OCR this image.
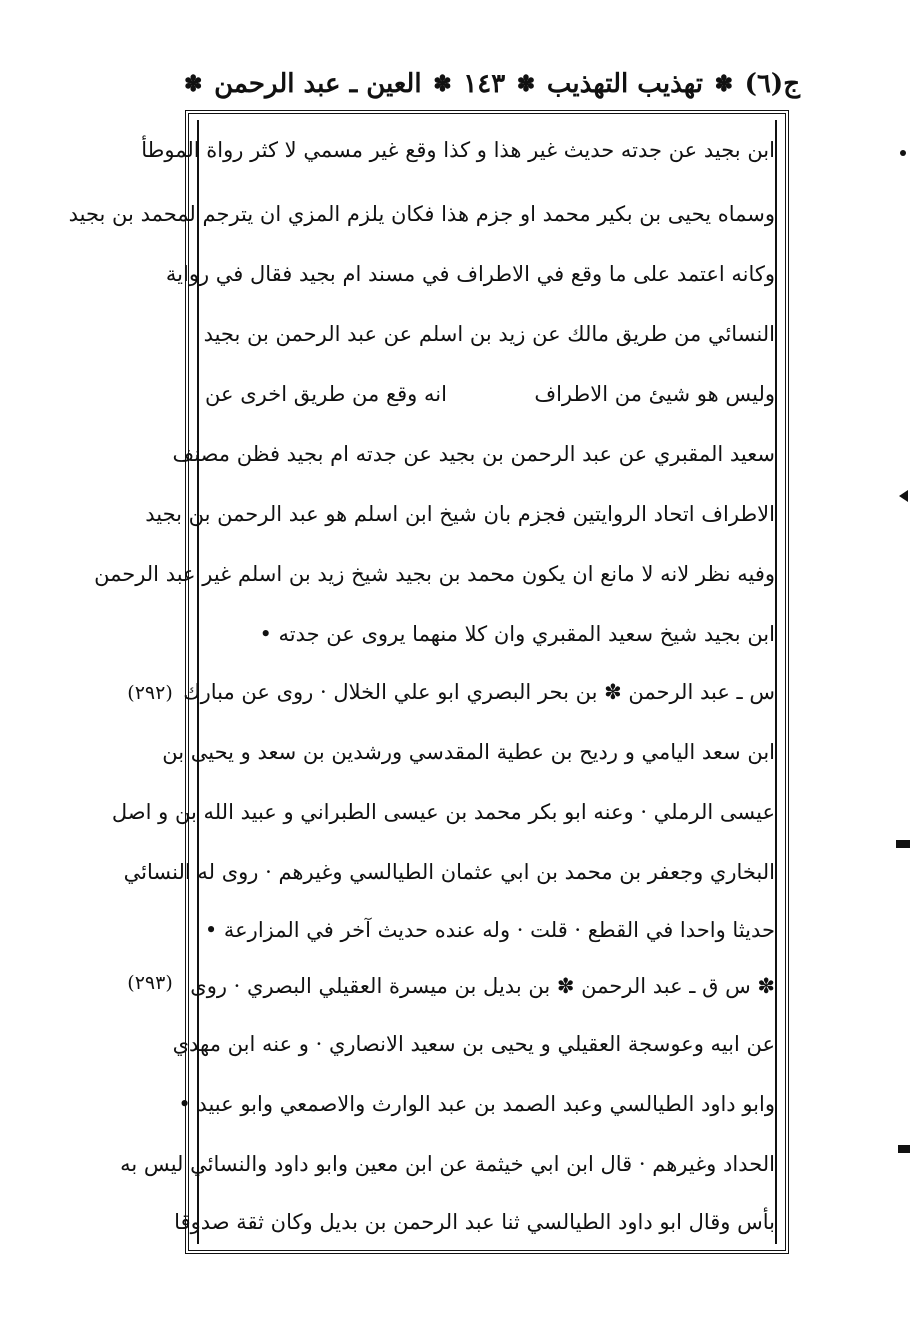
ج(٦)
✽
تهذيب التهذيب
✽
١٤٣
✽
العين ـ عبد الرحمن
✽
ابن بجيد عن جدته حديث غير هذا و كذا وقع غير مسمي لا كثر رواة الموطأ
وسماه يحيى بن بكير محمد او جزم هذا فكان يلزم المزي ان يترجم لمحمد بن بجيد
وكانه اعتمد على ما وقع في الاطراف في مسند ام بجيد فقال في رواية
النسائي من طريق مالك عن زيد بن اسلم عن عبد الرحمن بن بجيد
وليس هو شيئ من الاطراف
انه وقع من طريق اخرى عن
سعيد المقبري عن عبد الرحمن بن بجيد عن جدته ام بجيد فظن مصنف
الاطراف اتحاد الروايتين فجزم بان شيخ ابن اسلم هو عبد الرحمن بن بجيد
وفيه نظر لانه لا مانع ان يكون محمد بن بجيد شيخ زيد بن اسلم غير عبد الرحمن
ابن بجيد شيخ سعيد المقبري وان كلا منهما يروى عن جدته •
س ـ عبد الرحمن ✽ بن بحر البصري ابو علي الخلال · روى عن مبارك
ابن سعد اليامي و ردیح بن عطية المقدسي ورشدين بن سعد و يحيى بن
عيسى الرملي · وعنه ابو بكر محمد بن عيسى الطبراني و عبيد الله بن و اصل
البخاري وجعفر بن محمد بن ابي عثمان الطيالسي وغيرهم · روى له النسائي
حديثا واحدا في القطع · قلت · وله عنده حديث آخر في المزارعة •
✽ س ق ـ عبد الرحمن ✽ بن بديل بن ميسرة العقيلي البصري · روى
عن ابيه وعوسجة العقيلي و يحيى بن سعيد الانصاري · و عنه ابن مهدي
وابو داود الطيالسي وعبد الصمد بن عبد الوارث والاصمعي وابو عبيد •
الحداد وغيرهم · قال ابن ابي خيثمة عن ابن معين وابو داود والنسائي ليس به
بأس وقال ابو داود الطيالسي ثنا عبد الرحمن بن بديل وكان ثقة صدوقا
(٢٩٢)
(٢٩٣)
